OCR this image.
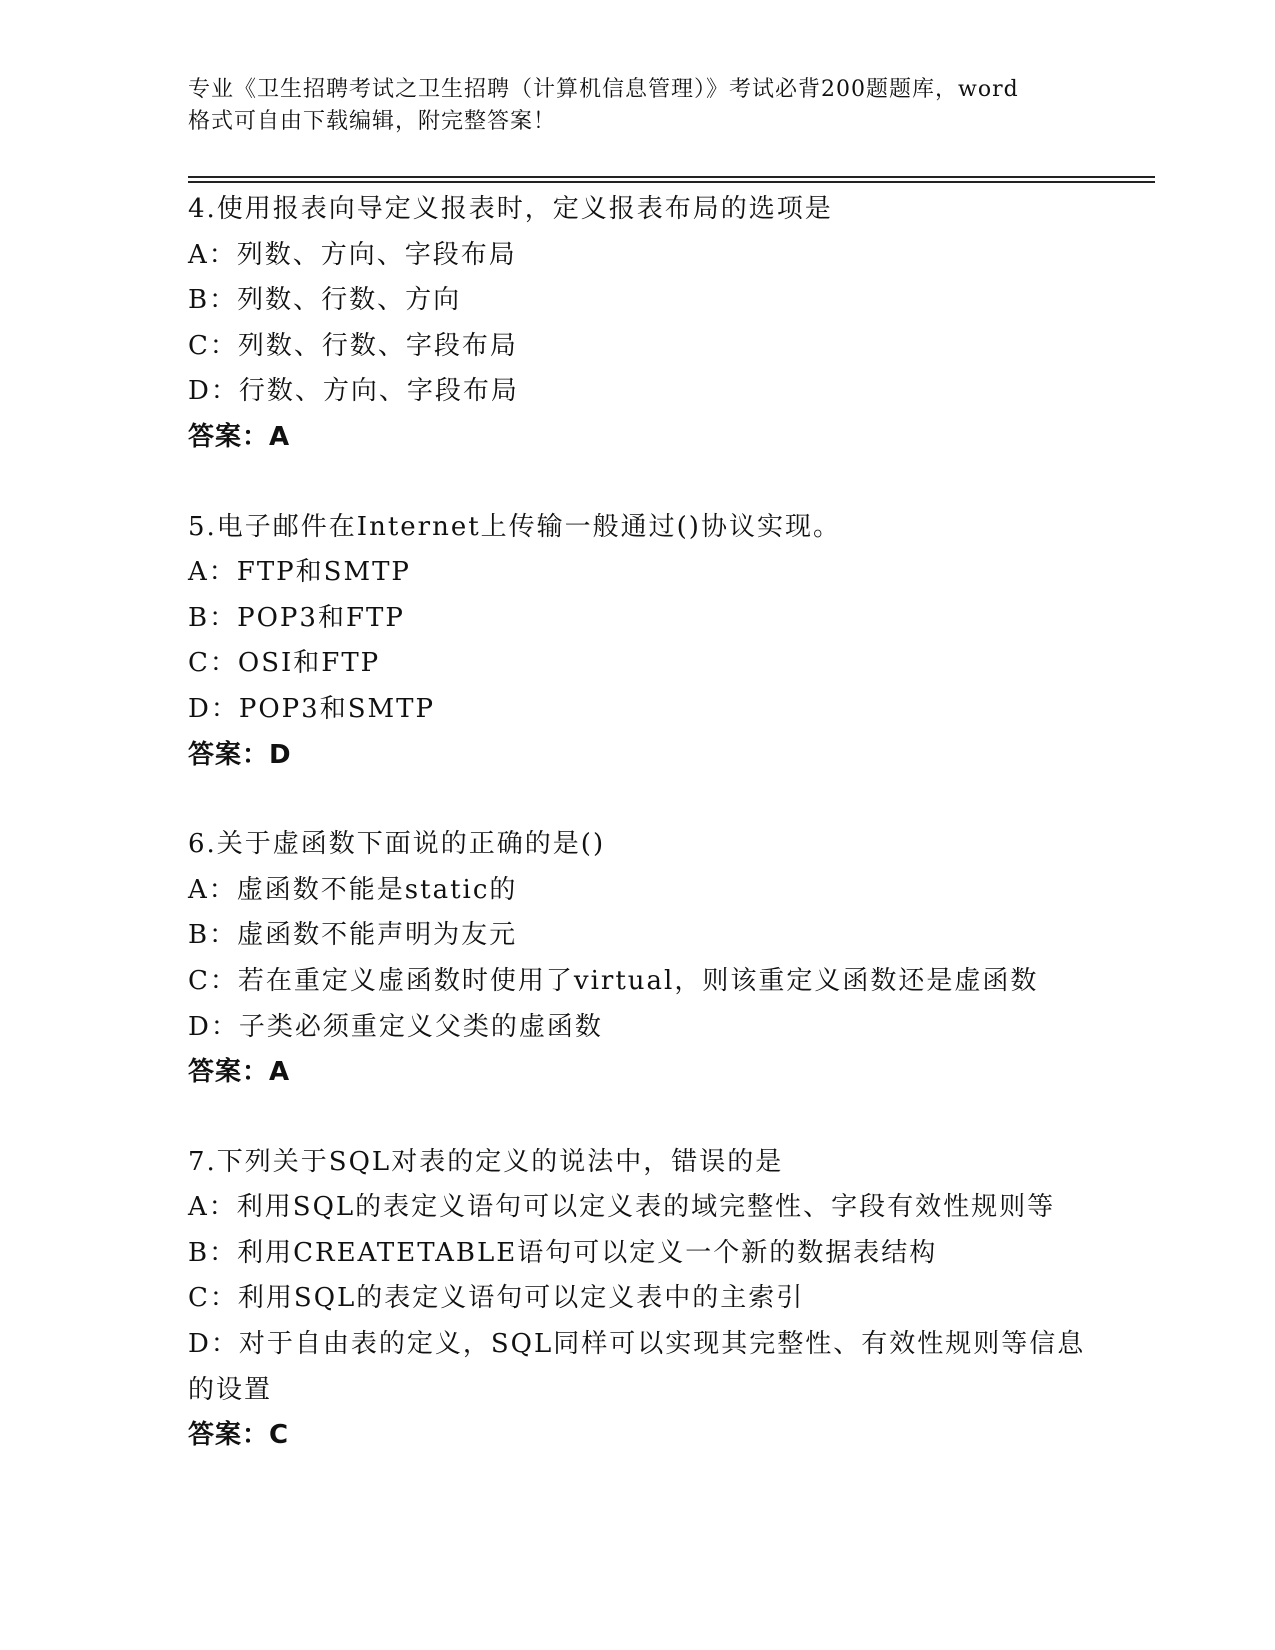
专业《卫生招聘考试之卫生招聘（计算机信息管理）》考试必背200题题库，word
格式可自由下载编辑，附完整答案！
4.使用报表向导定义报表时，定义报表布局的选项是
A：列数、方向、字段布局
B：列数、行数、方向
C：列数、行数、字段布局
D：行数、方向、字段布局
答案：A
5.电子邮件在Internet上传输一般通过()协议实现。
A：FTP和SMTP
B：POP3和FTP
C：OSI和FTP
D：POP3和SMTP
答案：D
6.关于虚函数下面说的正确的是()
A：虚函数不能是static的
B：虚函数不能声明为友元
C：若在重定义虚函数时使用了virtual，则该重定义函数还是虚函数
D：子类必须重定义父类的虚函数
答案：A
7.下列关于SQL对表的定义的说法中，错误的是
A：利用SQL的表定义语句可以定义表的域完整性、字段有效性规则等
B：利用CREATETABLE语句可以定义一个新的数据表结构
C：利用SQL的表定义语句可以定义表中的主索引
D：对于自由表的定义，SQL同样可以实现其完整性、有效性规则等信息的设置
答案：C
